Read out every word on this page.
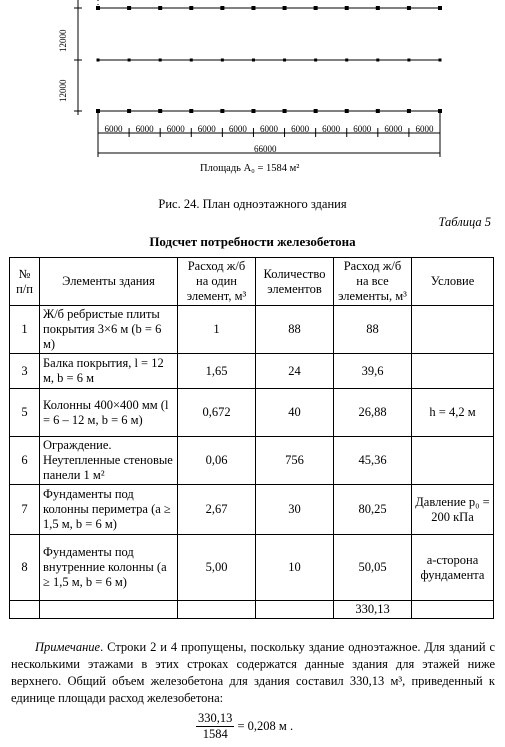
12000
12000
6000	6000	6000	6000	6000	6000	6000	6000	6000	6000	6000
66000
Площадь A₀ = 1584 м²
Рис. 24. План одноэтажного здания
Таблица 5
Подсчет потребности железобетона
№ п/п	Элементы здания	Расход ж/б на один элемент, м³	Количество элементов	Расход ж/б на все элементы, м³	Условие
1	Ж/б ребристые плиты покрытия 3×6 м (b = 6 м)	1	88	88	
3	Балка покрытия, l = 12 м, b = 6 м	1,65	24	39,6	
5	Колонны 400×400 мм (l = 6 – 12 м, b = 6 м)	0,672	40	26,88	h = 4,2 м
6	Ограждение. Неутепленные стеновые панели 1 м²	0,06	756	45,36	
7	Фундаменты под колонны периметра (a ≥ 1,5 м, b = 6 м)	2,67	30	80,25	Давление p₀ = 200 кПа
8	Фундаменты под внутренние колонны (a ≥ 1,5 м, b = 6 м)	5,00	10	50,05	a-сторона фундамента
				330,13	
Примечание. Строки 2 и 4 пропущены, поскольку здание одноэтажное. Для зданий с несколькими этажами в этих строках содержатся данные здания для этажей ниже верхнего. Общий объем железобетона для здания составил 330,13 м³, приведенный к единице площади расход железобетона:
$\frac{330,13}{1584} = 0,208$ м .
